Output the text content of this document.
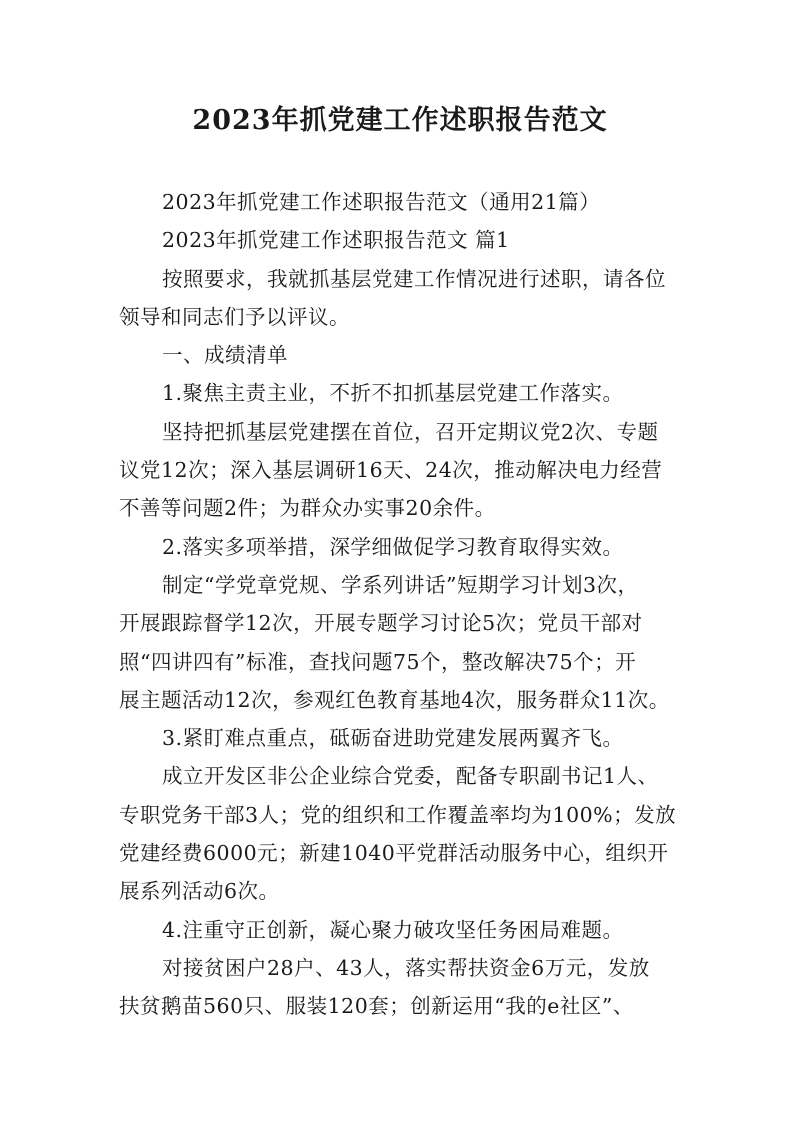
2023年抓党建工作述职报告范文
2023年抓党建工作述职报告范文（通用21篇）
2023年抓党建工作述职报告范文 篇1
按照要求，我就抓基层党建工作情况进行述职，请各位
领导和同志们予以评议。
一、成绩清单
1.聚焦主责主业，不折不扣抓基层党建工作落实。
坚持把抓基层党建摆在首位，召开定期议党2次、专题
议党12次；深入基层调研16天、24次，推动解决电力经营
不善等问题2件；为群众办实事20余件。
2.落实多项举措，深学细做促学习教育取得实效。
制定“学党章党规、学系列讲话”短期学习计划3次，
开展跟踪督学12次，开展专题学习讨论5次；党员干部对
照“四讲四有”标准，查找问题75个，整改解决75个；开
展主题活动12次，参观红色教育基地4次，服务群众11次。
3.紧盯难点重点，砥砺奋进助党建发展两翼齐飞。
成立开发区非公企业综合党委，配备专职副书记1人、
专职党务干部3人；党的组织和工作覆盖率均为100%；发放
党建经费6000元；新建1040平党群活动服务中心，组织开
展系列活动6次。
4.注重守正创新，凝心聚力破攻坚任务困局难题。
对接贫困户28户、43人，落实帮扶资金6万元，发放
扶贫鹅苗560只、服装120套；创新运用“我的e社区”、
